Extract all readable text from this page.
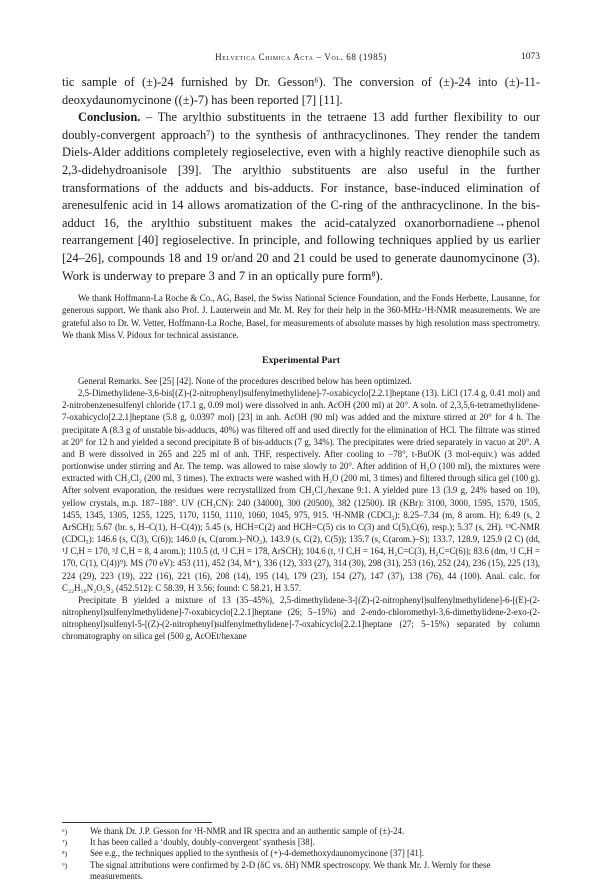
Helvetica Chimica Acta – Vol. 68 (1985)	1073

tic sample of (±)-24 furnished by Dr. Gesson⁶). The conversion of (±)-24 into (±)-11-deoxydaunomycinone ((±)-7) has been reported [7] [11].

Conclusion. – The arylthio substituents in the tetraene 13 add further flexibility to our doubly-convergent approach⁷) to the synthesis of anthracyclinones. They render the tandem Diels-Alder additions completely regioselective, even with a highly reactive dienophile such as 2,3-didehydroanisole [39]. The arylthio substituents are also useful in the further transformations of the adducts and bis-adducts. For instance, base-induced elimination of arenesulfenic acid in 14 allows aromatization of the C-ring of the anthracyclinone. In the bis-adduct 16, the arylthio substituent makes the acid-catalyzed oxanorbornadiene→phenol rearrangement [40] regioselective. In principle, and following techniques applied by us earlier [24–26], compounds 18 and 19 or/and 20 and 21 could be used to generate daunomycinone (3). Work is underway to prepare 3 and 7 in an optically pure form⁸).

We thank Hoffmann-La Roche & Co., AG, Basel, the Swiss National Science Foundation, and the Fonds Herbette, Lausanne, for generous support. We thank also Prof. J. Lauterwein and Mr. M. Rey for their help in the 360-MHz-¹H-NMR measurements. We are grateful also to Dr. W. Vetter, Hoffmann-La Roche, Basel, for measurements of absolute masses by high resolution mass spectrometry. We thank Miss V. Pidoux for technical assistance.

Experimental Part

General Remarks. See [25] [42]. None of the procedures described below has been optimized.

2,5-Dimethylidene-3,6-bis[(Z)-(2-nitrophenyl)sulfenylmethylidene]-7-oxabicyclo[2.2.1]heptane (13). LiCl (17.4 g, 0.41 mol) and 2-nitrobenzenesulfenyl chloride (17.1 g, 0.09 mol) were dissolved in anh. AcOH (200 ml) at 20°. A soln. of 2,3,5,6-tetramethylidene-7-oxabicyclo[2.2.1]heptane (5.8 g, 0.0397 mol) [23] in anh. AcOH (90 ml) was added and the mixture stirred at 20° for 4 h. The precipitate A (8.3 g of unstable bis-adducts, 40%) was filtered off and used directly for the elimination of HCl. The filtrate was stirred at 20° for 12 h and yielded a second precipitate B of bis-adducts (7 g, 34%). The precipitates were dried separately in vacuo at 20°. A and B were dissolved in 265 and 225 ml of anh. THF, respectively. After cooling to −78°, t-BuOK (3 mol-equiv.) was added portionwise under stirring and Ar. The temp. was allowed to raise slowly to 20°. After addition of H₂O (100 ml), the mixtures were extracted with CH₂Cl₂ (200 ml, 3 times). The extracts were washed with H₂O (200 ml, 3 times) and filtered through silica gel (100 g). After solvent evaporation, the residues were recrystallized from CH₂Cl₂/hexane 9:1. A yielded pure 13 (3.9 g, 24% based on 10), yellow crystals, m.p. 187–188°. UV (CH₃CN): 240 (34000), 300 (20500), 382 (12500). IR (KBr): 3100, 3000, 1595, 1570, 1505, 1455, 1345, 1305, 1255, 1225, 1170, 1150, 1110, 1060, 1045, 975, 915. ¹H-NMR (CDCl₃): 8.25–7.34 (m, 8 arom. H); 6.49 (s, 2 ArSCH); 5.67 (br. s, H–C(1), H–C(4)); 5.45 (s, HCH=C(2) and HCH=C(5) cis to C(3) and C(5),C(6), resp.); 5.37 (s, 2H). ¹³C-NMR (CDCl₃): 146.6 (s, C(3), C(6)); 146.0 (s, C(arom.)–NO₂), 143.9 (s, C(2), C(5)); 135.7 (s, C(arom.)–S); 133.7, 128.9, 125.9 (2 C) (dd, ¹J C,H = 170, ³J C,H = 8, 4 arom.); 110.5 (d, ¹J C,H = 178, ArSCH); 104.6 (t, ¹J C,H = 164, H₂C=C(3), H₂C=C(6)); 83.6 (dm, ¹J C,H = 170, C(1), C(4))⁹). MS (70 eV): 453 (11), 452 (34, M⁺), 336 (12), 333 (27), 314 (30), 298 (31), 253 (16), 252 (24), 236 (15), 225 (13), 224 (29), 223 (19), 222 (16), 221 (16), 208 (14), 195 (14), 179 (23), 154 (27), 147 (37), 138 (76), 44 (100). Anal. calc. for C₂₂H₁₆N₂O₅S₂ (452.512): C 58.39, H 3.56; found: C 58.21, H 3.57.

Precipitate B yielded a mixture of 13 (35–45%), 2,5-dimethylidene-3-[(Z)-(2-nitrophenyl)sulfenylmethylidene]-6-[(E)-(2-nitrophenyl)sulfenylmethylidene]-7-oxabicyclo[2.2.1]heptane (26; 5–15%) and 2-endo-chloromethyl-3,6-dimethylidene-2-exo-(2-nitrophenyl)sulfenyl-5-[(Z)-(2-nitrophenyl)sulfenylmethylidene]-7-oxabicyclo[2.2.1]heptane (27; 5–15%) separated by column chromatography on silica gel (500 g, AcOEt/hexane

⁶)	We thank Dr. J.P. Gesson for ¹H-NMR and IR spectra and an authentic sample of (±)-24.
⁷)	It has been called a ‘doubly, doubly-convergent’ synthesis [38].
⁸)	See e.g., the techniques applied to the synthesis of (+)-4-demethoxydaunomycinone [37] [41].
⁹)	The signal attributions were confirmed by 2-D (δC vs. δH) NMR spectroscopy. We thank Mr. J. Wernly for these measurements.
